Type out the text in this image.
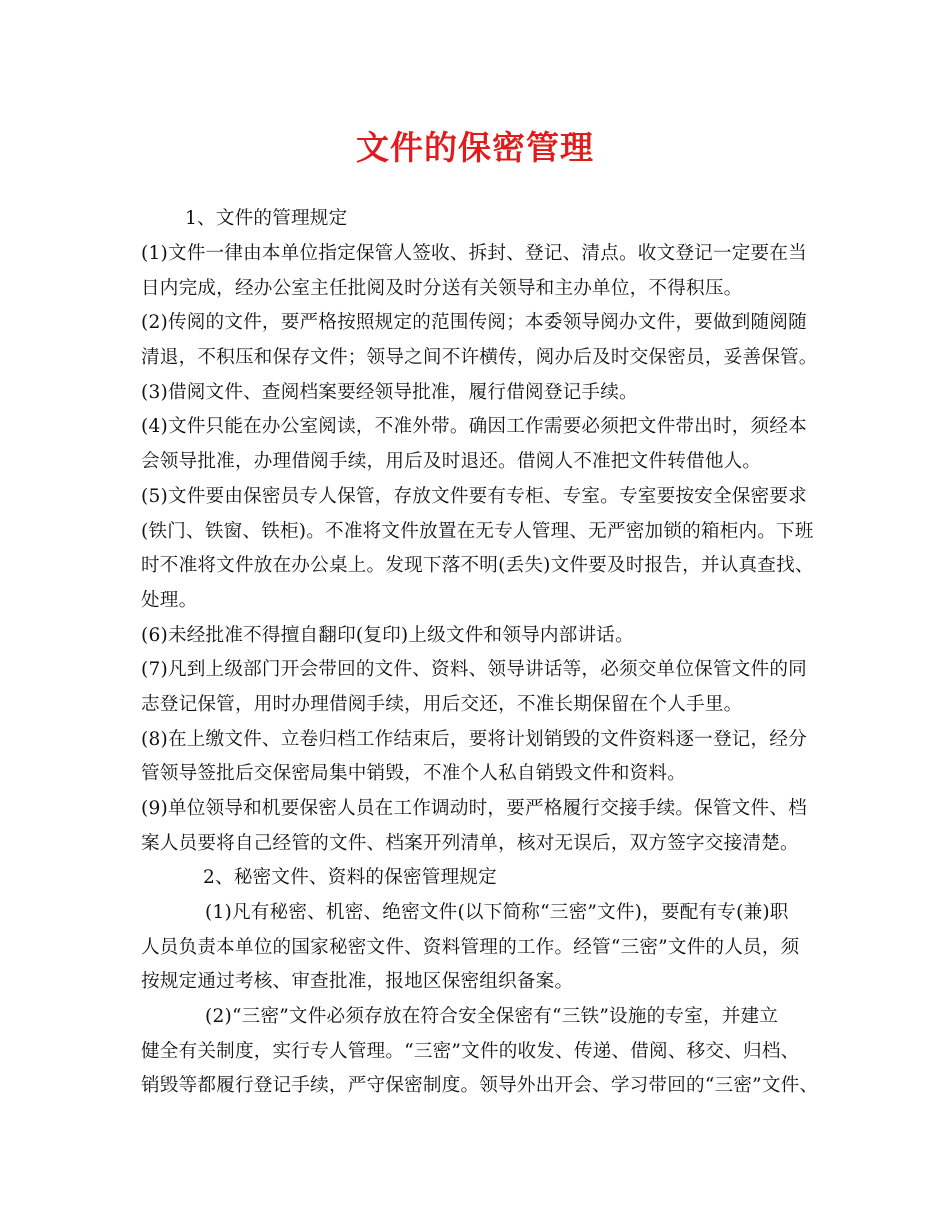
文件的保密管理

1、文件的管理规定

(1)文件一律由本单位指定保管人签收、拆封、登记、清点。收文登记一定要在当

日内完成，经办公室主任批阅及时分送有关领导和主办单位，不得积压。

(2)传阅的文件，要严格按照规定的范围传阅；本委领导阅办文件，要做到随阅随

清退，不积压和保存文件；领导之间不许横传，阅办后及时交保密员，妥善保管。

(3)借阅文件、查阅档案要经领导批准，履行借阅登记手续。

(4)文件只能在办公室阅读，不准外带。确因工作需要必须把文件带出时，须经本

会领导批准，办理借阅手续，用后及时退还。借阅人不准把文件转借他人。

(5)文件要由保密员专人保管，存放文件要有专柜、专室。专室要按安全保密要求

(铁门、铁窗、铁柜)。不准将文件放置在无专人管理、无严密加锁的箱柜内。下班

时不准将文件放在办公桌上。发现下落不明(丢失)文件要及时报告，并认真查找、

处理。

(6)未经批准不得擅自翻印(复印)上级文件和领导内部讲话。

(7)凡到上级部门开会带回的文件、资料、领导讲话等，必须交单位保管文件的同

志登记保管，用时办理借阅手续，用后交还，不准长期保留在个人手里。

(8)在上缴文件、立卷归档工作结束后，要将计划销毁的文件资料逐一登记，经分

管领导签批后交保密局集中销毁，不准个人私自销毁文件和资料。

(9)单位领导和机要保密人员在工作调动时，要严格履行交接手续。保管文件、档

案人员要将自己经管的文件、档案开列清单，核对无误后，双方签字交接清楚。

2、秘密文件、资料的保密管理规定

(1)凡有秘密、机密、绝密文件(以下简称“三密”文件)，要配有专(兼)职

人员负责本单位的国家秘密文件、资料管理的工作。经管“三密”文件的人员，须

按规定通过考核、审查批准，报地区保密组织备案。

(2)“三密”文件必须存放在符合安全保密有“三铁”设施的专室，并建立

健全有关制度，实行专人管理。“三密”文件的收发、传递、借阅、移交、归档、

销毁等都履行登记手续，严守保密制度。领导外出开会、学习带回的“三密”文件、
